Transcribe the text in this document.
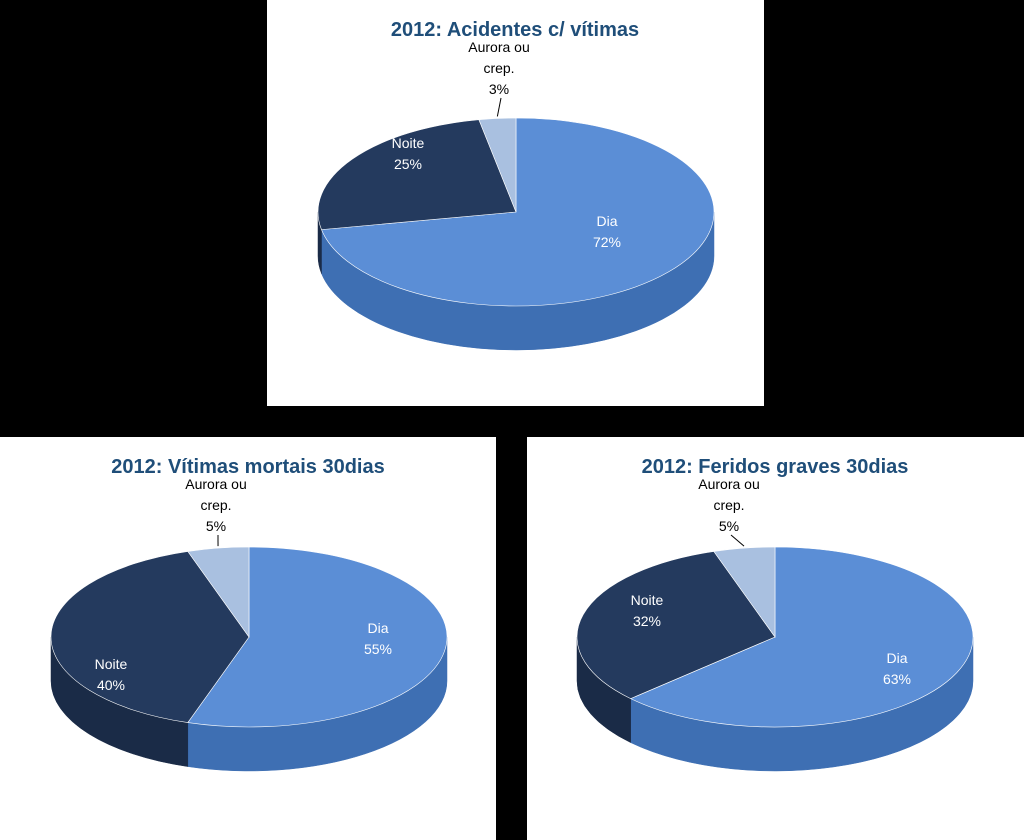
2012: Acidentes c/ vítimas
Dia 72%
Noite 25%
Aurora ou crep. 3%
2012: Vítimas mortais 30dias
Dia 55%
Noite 40%
Aurora ou crep. 5%
2012: Feridos graves 30dias
Dia 63%
Noite 32%
Aurora ou crep. 5%
